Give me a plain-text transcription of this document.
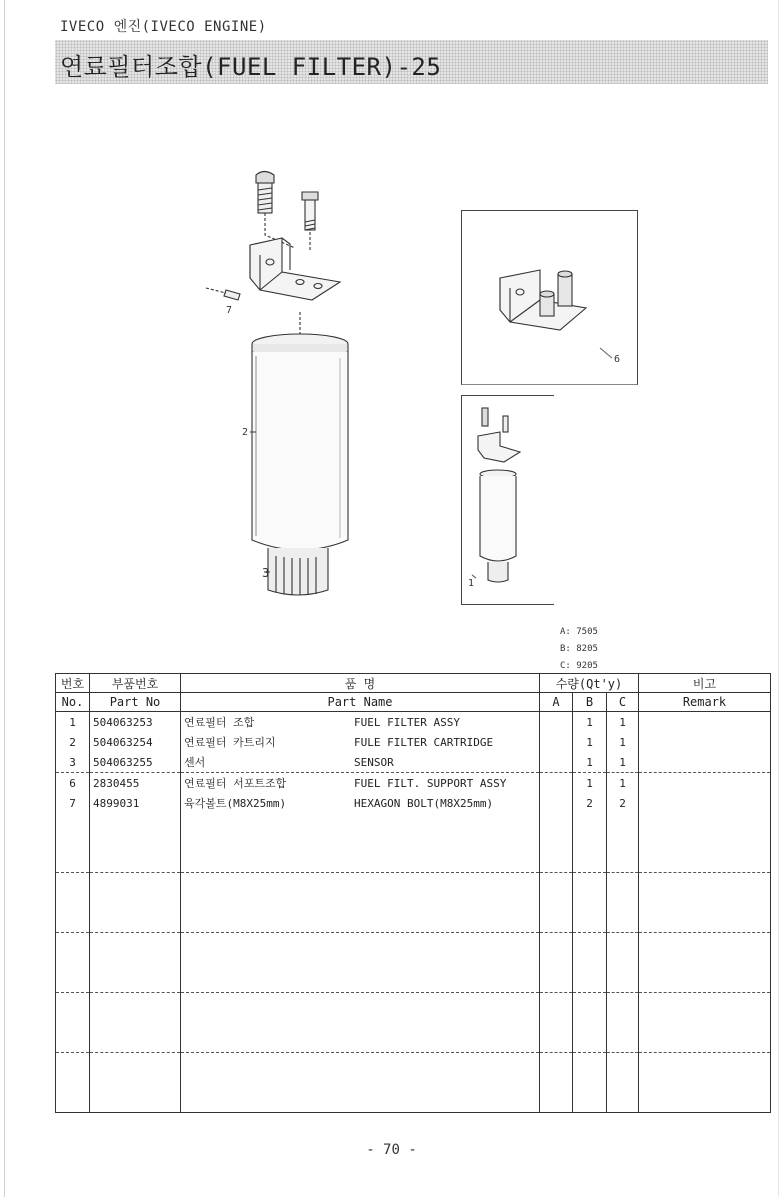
IVECO 엔진(IVECO ENGINE)
연료필터조합(FUEL FILTER)-25
7
2
3
6
1
A: 7505
B: 8205
C: 9205
번호	부품번호	품 명	수량(Qt'y)			비고
No.	Part No	Part Name	A	B	C	Remark
1	504063253	연료필터 조합 FUEL FILTER ASSY		1	1	
2	504063254	연료필터 카트리지 FULE FILTER CARTRIDGE		1	1	
3	504063255	센서 SENSOR		1	1	
6	2830455	연료필터 서포트조합 FUEL FILT. SUPPORT ASSY		1	1	
7	4899031	육각볼트(M8X25mm) HEXAGON BOLT(M8X25mm)		2	2	

- 70 -
